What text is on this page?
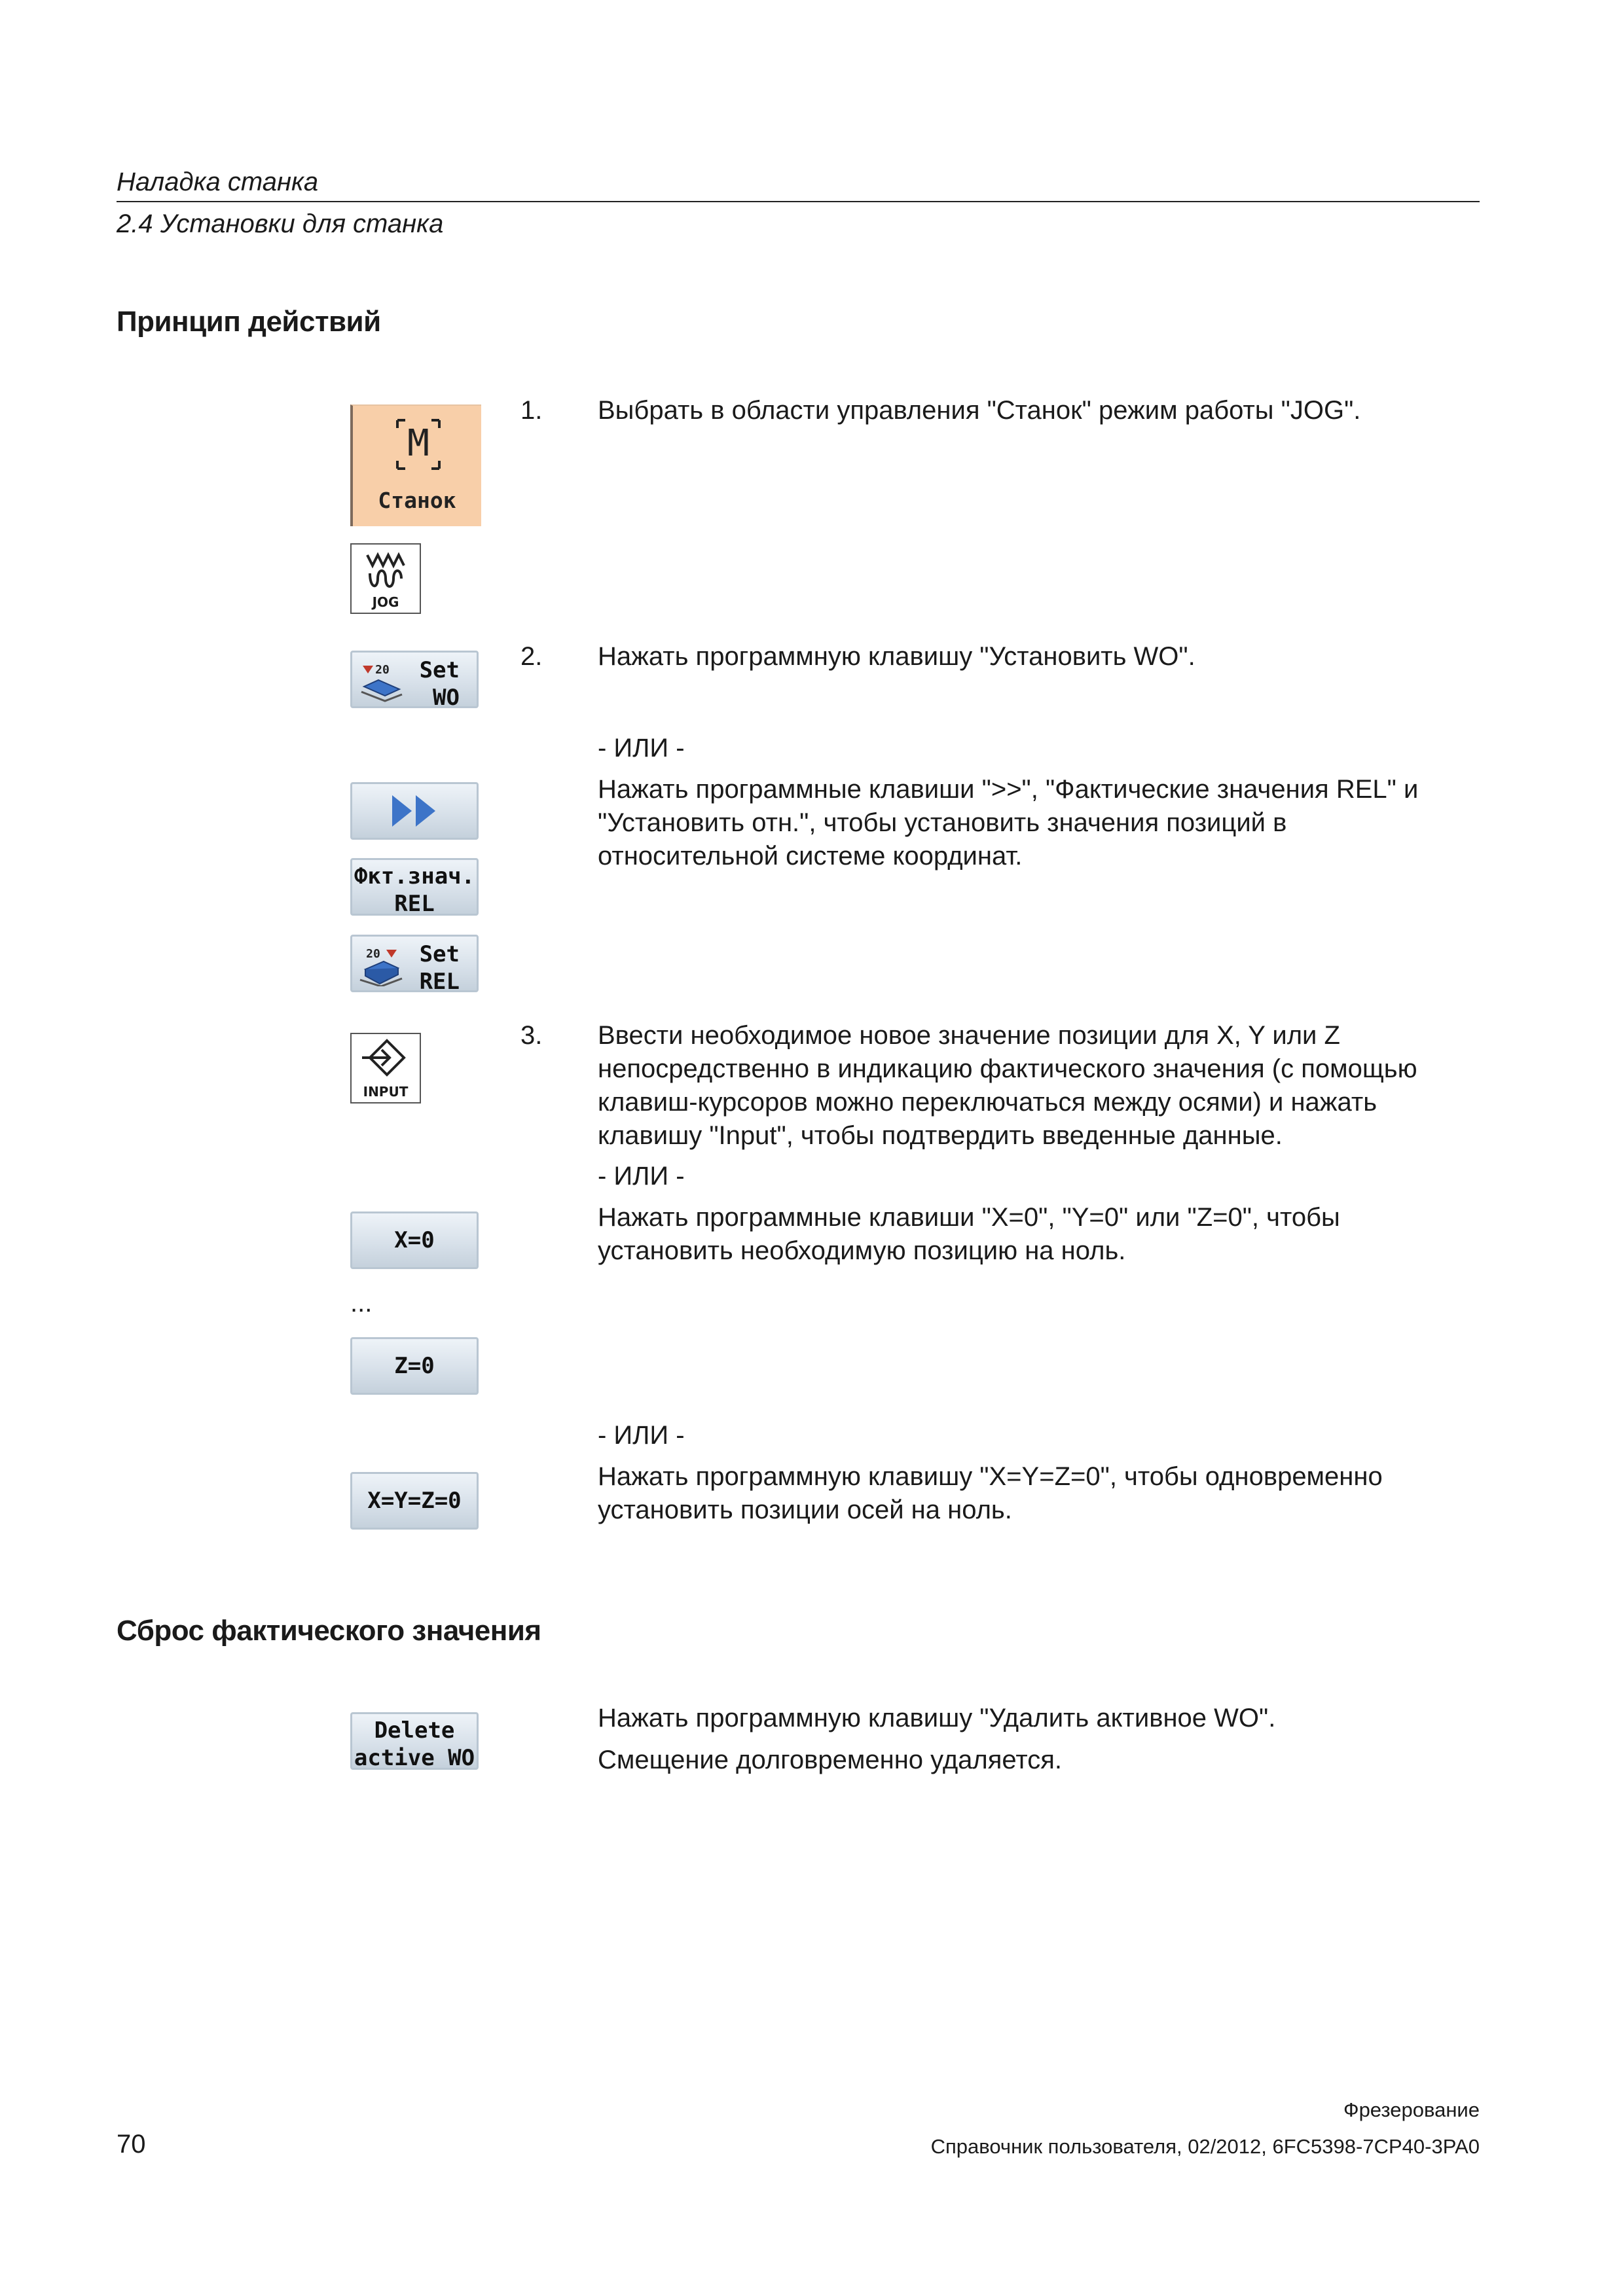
Наладка станка
2.4 Установки для станка
Принцип действий
M
Станок
JOG
1. Выбрать в области управления "Станок" режим работы "JOG".
20 Set
WO
2. Нажать программную клавишу "Установить WO".
- ИЛИ -
Нажать программные клавиши ">>", "Фактические значения REL" и
"Установить отн.", чтобы установить значения позиций в
относительной системе координат.
Фкт.знач.
REL
20 Set
REL
INPUT
3. Ввести необходимое новое значение позиции для X, Y или Z
непосредственно в индикацию фактического значения (с помощью
клавиш-курсоров можно переключаться между осями) и нажать
клавишу "Input", чтобы подтвердить введенные данные.
- ИЛИ -
Нажать программные клавиши "X=0", "Y=0" или "Z=0", чтобы
установить необходимую позицию на ноль.
X=0
...
Z=0
- ИЛИ -
Нажать программную клавишу "X=Y=Z=0", чтобы одновременно
установить позиции осей на ноль.
X=Y=Z=0
Сброс фактического значения
Delete
active WO
Нажать программную клавишу "Удалить активное WO".
Смещение долговременно удаляется.
Фрезерование
70	Справочник пользователя, 02/2012, 6FC5398-7CP40-3PA0
